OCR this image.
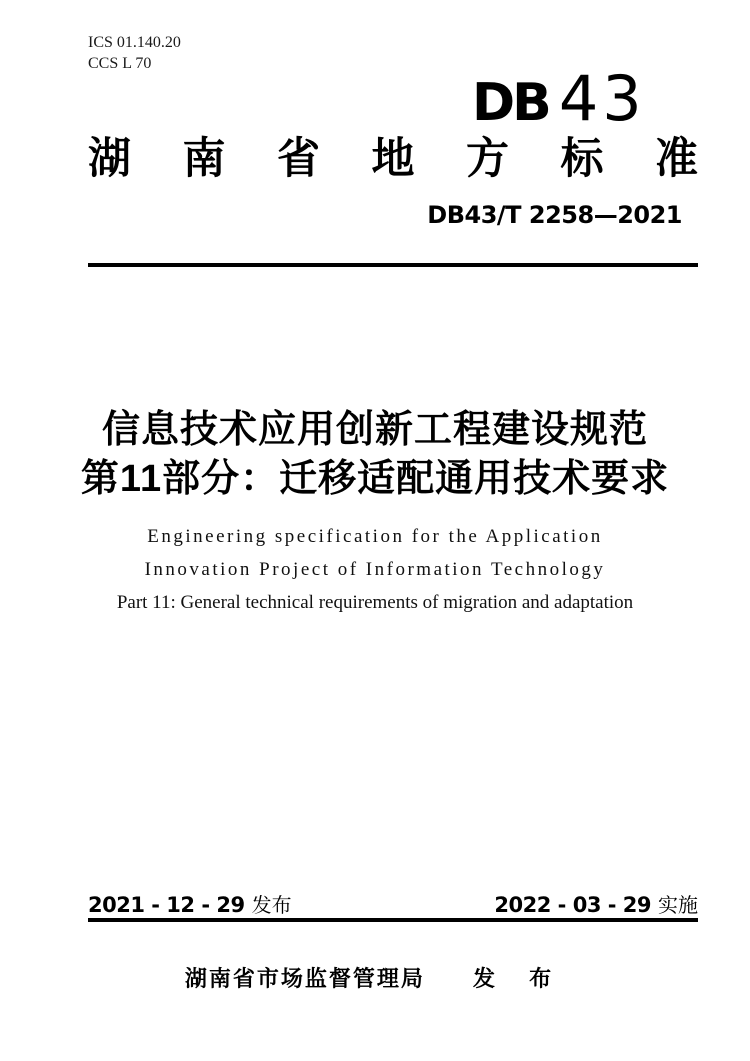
ICS 01.140.20
CCS L 70
DB 43
湖 南 省 地 方 标 准
DB43/T 2258—2021
信息技术应用创新工程建设规范
第11部分：迁移适配通用技术要求
Engineering specification for the Application
Innovation Project of Information Technology
Part 11: General technical requirements of migration and adaptation
2021 - 12 - 29 发布	2022 - 03 - 29 实施
湖南省市场监督管理局 发 布
